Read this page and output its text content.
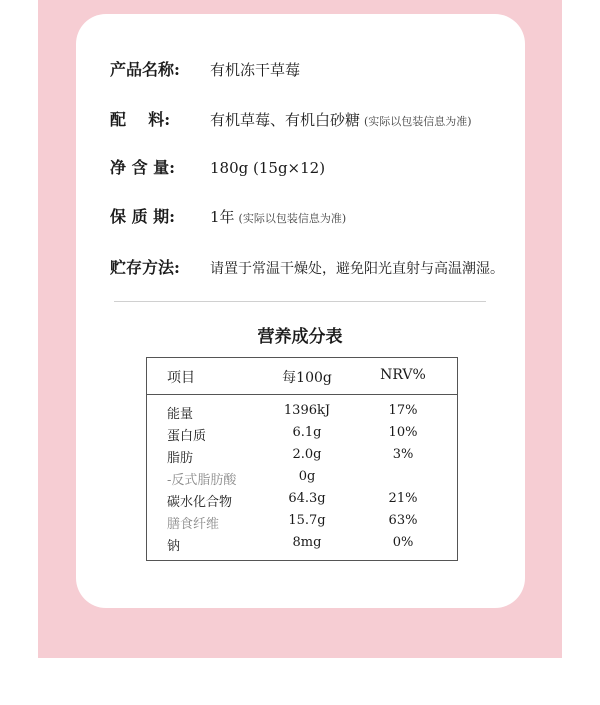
产品名称:	有机冻干草莓
配    料:	有机草莓、有机白砂糖 (实际以包装信息为准)
净 含 量:	180g (15g×12)
保 质 期:	1年 (实际以包装信息为准)
贮存方法:	请置于常温干燥处，避免阳光直射与高温潮湿。
营养成分表
项目	每100g	NRV%
能量	1396kJ	17%
蛋白质	6.1g	10%
脂肪	2.0g	3%
-反式脂肪酸	0g
碳水化合物	64.3g	21%
膳食纤维	15.7g	63%
钠	8mg	0%
